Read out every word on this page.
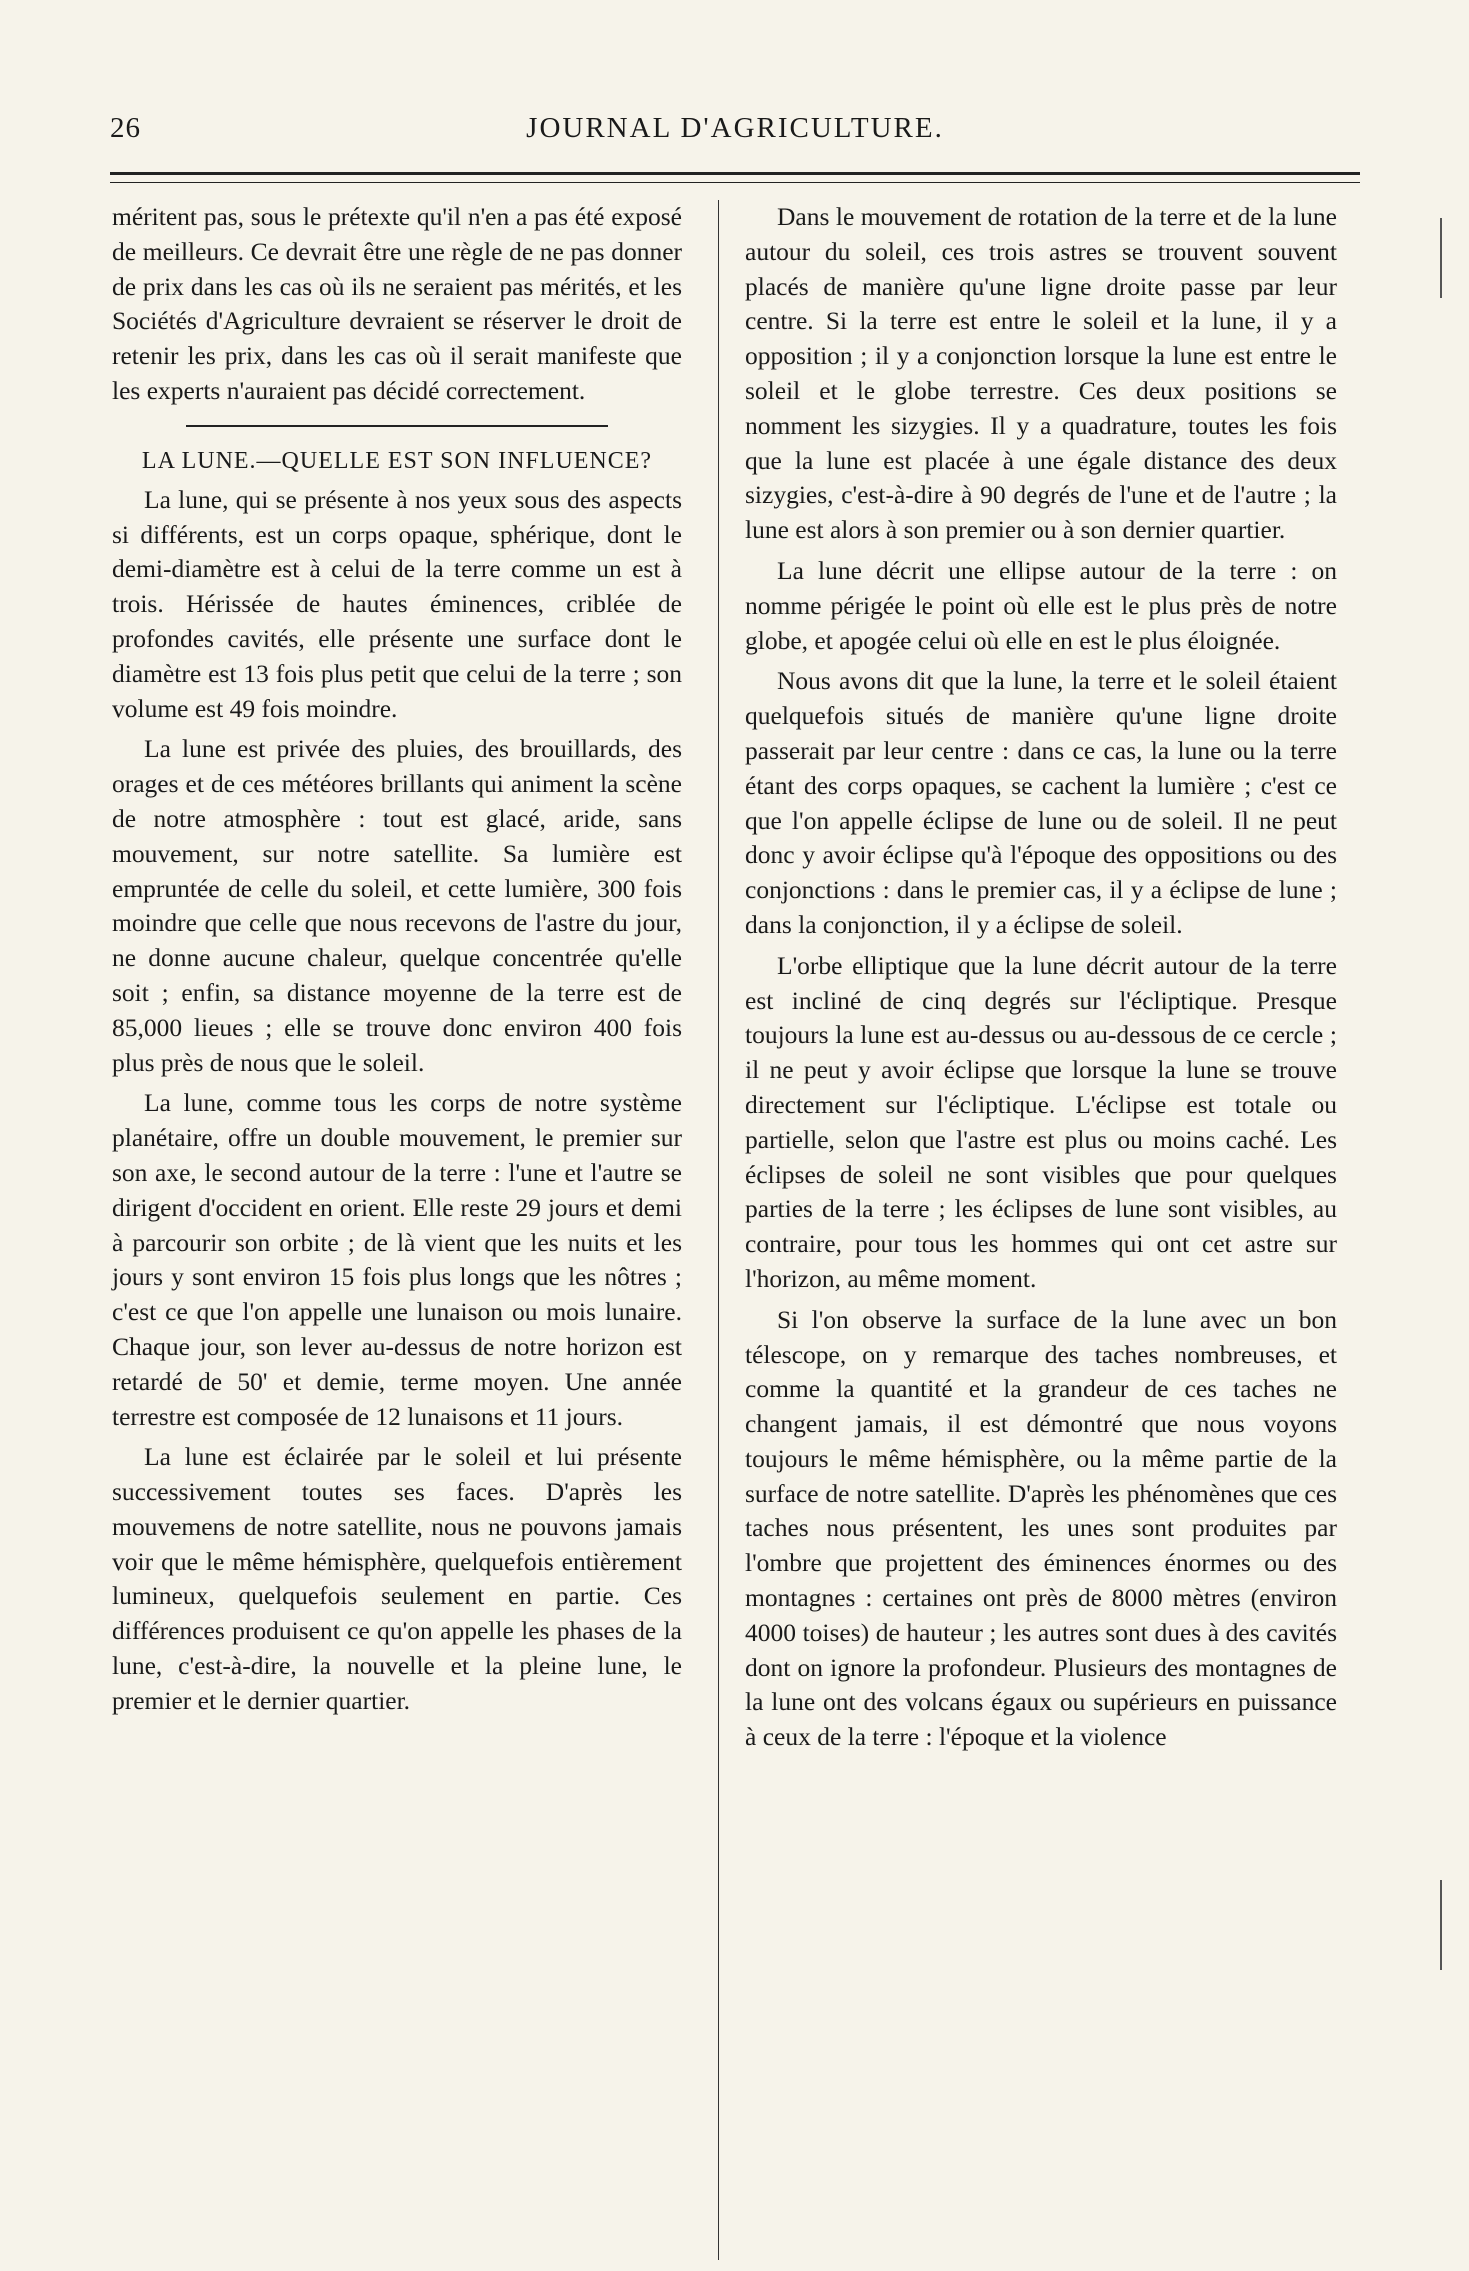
26	JOURNAL D'AGRICULTURE.

méritent pas, sous le prétexte qu'il n'en a pas été exposé de meilleurs. Ce devrait être une règle de ne pas donner de prix dans les cas où ils ne seraient pas mérités, et les Sociétés d'Agriculture devraient se réserver le droit de retenir les prix, dans les cas où il serait manifeste que les experts n'auraient pas décidé correctement.

LA LUNE.—QUELLE EST SON INFLUENCE?

La lune, qui se présente à nos yeux sous des aspects si différents, est un corps opaque, sphérique, dont le demi-diamètre est à celui de la terre comme un est à trois. Hérissée de hautes éminences, criblée de profondes cavités, elle présente une surface dont le diamètre est 13 fois plus petit que celui de la terre ; son volume est 49 fois moindre.

La lune est privée des pluies, des brouillards, des orages et de ces météores brillants qui animent la scène de notre atmosphère : tout est glacé, aride, sans mouvement, sur notre satellite. Sa lumière est empruntée de celle du soleil, et cette lumière, 300 fois moindre que celle que nous recevons de l'astre du jour, ne donne aucune chaleur, quelque concentrée qu'elle soit ; enfin, sa distance moyenne de la terre est de 85,000 lieues ; elle se trouve donc environ 400 fois plus près de nous que le soleil.

La lune, comme tous les corps de notre système planétaire, offre un double mouvement, le premier sur son axe, le second autour de la terre : l'une et l'autre se dirigent d'occident en orient. Elle reste 29 jours et demi à parcourir son orbite ; de là vient que les nuits et les jours y sont environ 15 fois plus longs que les nôtres ; c'est ce que l'on appelle une lunaison ou mois lunaire. Chaque jour, son lever au-dessus de notre horizon est retardé de 50' et demie, terme moyen. Une année terrestre est composée de 12 lunaisons et 11 jours.

La lune est éclairée par le soleil et lui présente successivement toutes ses faces. D'après les mouvemens de notre satellite, nous ne pouvons jamais voir que le même hémisphère, quelquefois entièrement lumineux, quelquefois seulement en partie. Ces différences produisent ce qu'on appelle les phases de la lune, c'est-à-dire, la nouvelle et la pleine lune, le premier et le dernier quartier.

Dans le mouvement de rotation de la terre et de la lune autour du soleil, ces trois astres se trouvent souvent placés de manière qu'une ligne droite passe par leur centre. Si la terre est entre le soleil et la lune, il y a opposition ; il y a conjonction lorsque la lune est entre le soleil et le globe terrestre. Ces deux positions se nomment les sizygies. Il y a quadrature, toutes les fois que la lune est placée à une égale distance des deux sizygies, c'est-à-dire à 90 degrés de l'une et de l'autre ; la lune est alors à son premier ou à son dernier quartier.

La lune décrit une ellipse autour de la terre : on nomme périgée le point où elle est le plus près de notre globe, et apogée celui où elle en est le plus éloignée.

Nous avons dit que la lune, la terre et le soleil étaient quelquefois situés de manière qu'une ligne droite passerait par leur centre : dans ce cas, la lune ou la terre étant des corps opaques, se cachent la lumière ; c'est ce que l'on appelle éclipse de lune ou de soleil. Il ne peut donc y avoir éclipse qu'à l'époque des oppositions ou des conjonctions : dans le premier cas, il y a éclipse de lune ; dans la conjonction, il y a éclipse de soleil.

L'orbe elliptique que la lune décrit autour de la terre est incliné de cinq degrés sur l'écliptique. Presque toujours la lune est au-dessus ou au-dessous de ce cercle ; il ne peut y avoir éclipse que lorsque la lune se trouve directement sur l'écliptique. L'éclipse est totale ou partielle, selon que l'astre est plus ou moins caché. Les éclipses de soleil ne sont visibles que pour quelques parties de la terre ; les éclipses de lune sont visibles, au contraire, pour tous les hommes qui ont cet astre sur l'horizon, au même moment.

Si l'on observe la surface de la lune avec un bon télescope, on y remarque des taches nombreuses, et comme la quantité et la grandeur de ces taches ne changent jamais, il est démontré que nous voyons toujours le même hémisphère, ou la même partie de la surface de notre satellite. D'après les phénomènes que ces taches nous présentent, les unes sont produites par l'ombre que projettent des éminences énormes ou des montagnes : certaines ont près de 8000 mètres (environ 4000 toises) de hauteur ; les autres sont dues à des cavités dont on ignore la profondeur. Plusieurs des montagnes de la lune ont des volcans égaux ou supérieurs en puissance à ceux de la terre : l'époque et la violence
